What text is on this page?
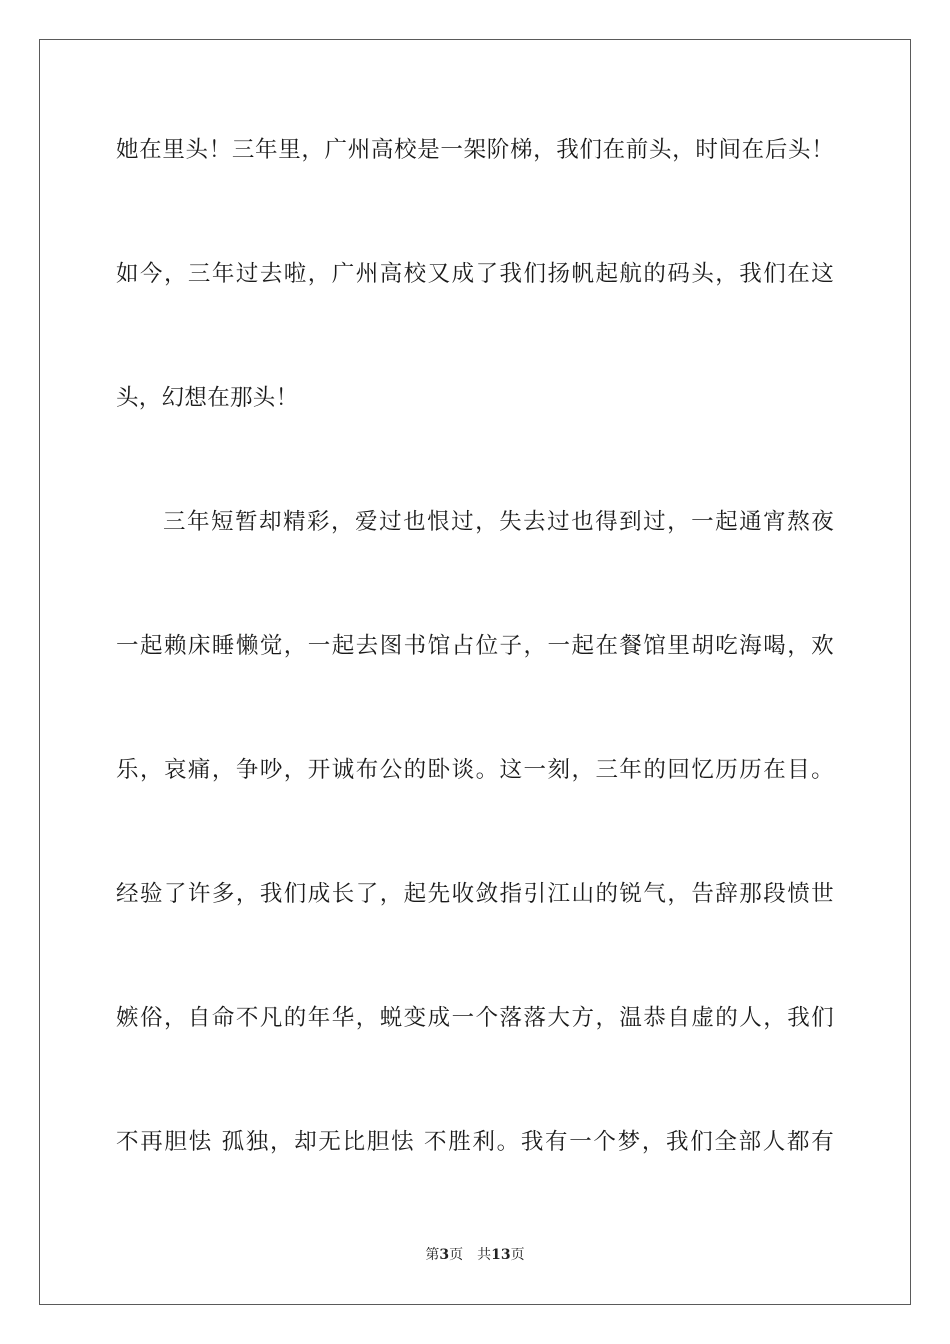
她在里头！三年里，广州高校是一架阶梯，我们在前头，时间在后头！
如今，三年过去啦，广州高校又成了我们扬帆起航的码头，我们在这
头，幻想在那头！
三年短暂却精彩，爱过也恨过，失去过也得到过，一起通宵熬夜
一起赖床睡懒觉，一起去图书馆占位子，一起在餐馆里胡吃海喝，欢
乐，哀痛，争吵，开诚布公的卧谈。这一刻，三年的回忆历历在目。
经验了许多，我们成长了，起先收敛指引江山的锐气，告辞那段愤世
嫉俗，自命不凡的年华，蜕变成一个落落大方，温恭自虚的人，我们
不再胆怯 孤独，却无比胆怯 不胜利。我有一个梦，我们全部人都有
第3页 共13页
